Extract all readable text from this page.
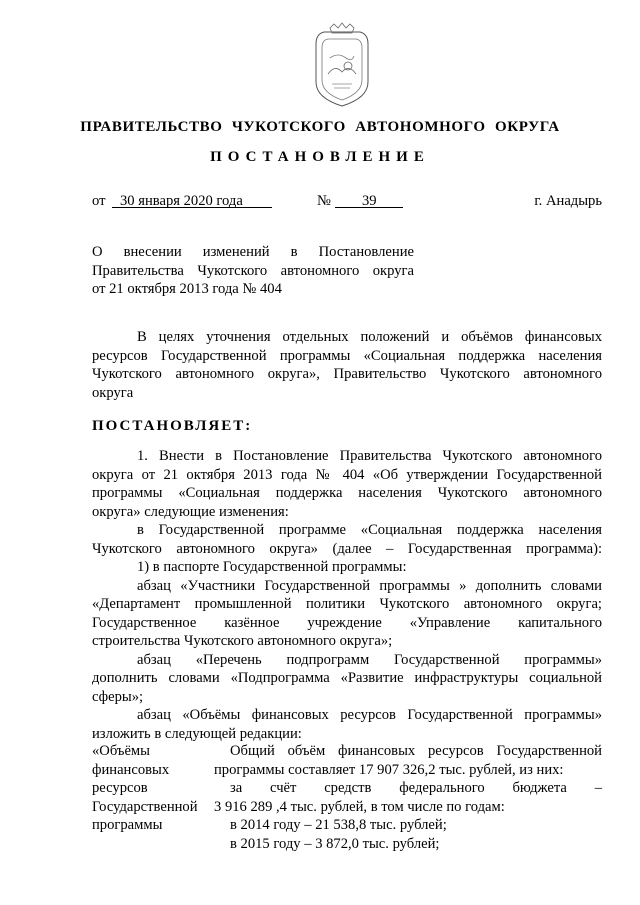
ПРАВИТЕЛЬСТВО ЧУКОТСКОГО АВТОНОМНОГО ОКРУГА
ПОСТАНОВЛЕНИЕ
от 30 января 2020 года	№ 39	г. Анадырь
О внесении изменений в Постановление
Правительства Чукотского автономного округа
от 21 октября 2013 года № 404
В целях уточнения отдельных положений и объёмов финансовых
ресурсов Государственной программы «Социальная поддержка населения
Чукотского автономного округа», Правительство Чукотского автономного
округа
ПОСТАНОВЛЯЕТ:
1. Внести в Постановление Правительства Чукотского автономного
округа от 21 октября 2013 года № 404 «Об утверждении Государственной
программы «Социальная поддержка населения Чукотского автономного
округа» следующие изменения:
в Государственной программе «Социальная поддержка населения
Чукотского автономного округа» (далее – Государственная программа):
1) в паспорте Государственной программы:
абзац «Участники Государственной программы » дополнить словами
«Департамент промышленной политики Чукотского автономного округа;
Государственное казённое учреждение «Управление капитального
строительства Чукотского автономного округа»;
абзац «Перечень подпрограмм Государственной программы»
дополнить словами «Подпрограмма «Развитие инфраструктуры социальной
сферы»;
абзац «Объёмы финансовых ресурсов Государственной программы»
изложить в следующей редакции:
«Объёмы
финансовых
ресурсов
Государственной
программы
Общий объём финансовых ресурсов Государственной
программы составляет 17 907 326,2 тыс. рублей, из них:
за счёт средств федерального бюджета –
3 916 289 ,4 тыс. рублей, в том числе по годам:
в 2014 году – 21 538,8 тыс. рублей;
в 2015 году – 3 872,0 тыс. рублей;
